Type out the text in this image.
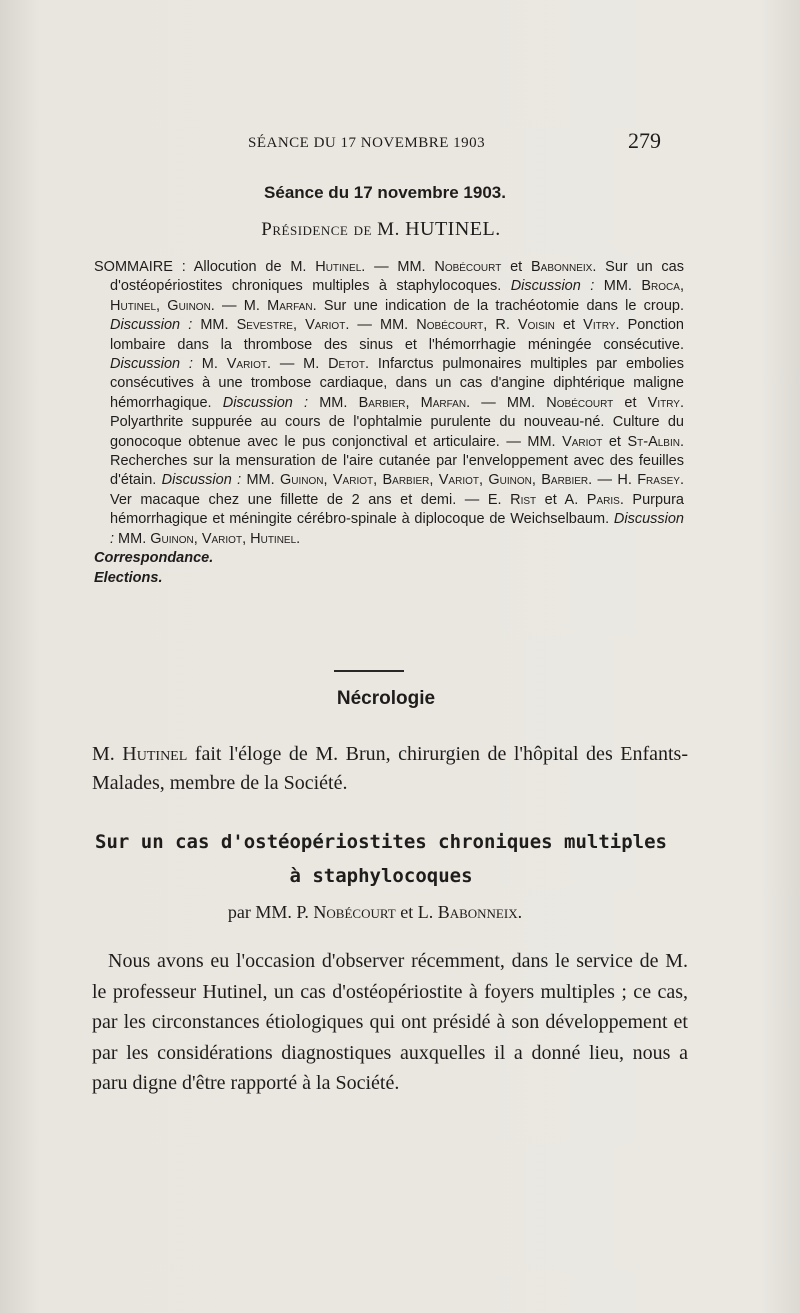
SÉANCE DU 17 NOVEMBRE 1903	279
Séance du 17 novembre 1903.
Présidence de M. HUTINEL.

SOMMAIRE : Allocution de M. Hutinel. — MM. Nobécourt et Babonneix. Sur un cas d'ostéopériostites chroniques multiples à staphylocoques. Discussion : MM. Broca, Hutinel, Guinon. — M. Marfan. Sur une indication de la trachéotomie dans le croup. Discussion : MM. Sevestre, Variot. — MM. Nobécourt, R. Voisin et Vitry. Ponction lombaire dans la thrombose des sinus et l'hémorrhagie méningée consécutive. Discussion : M. Variot. — M. Detot. Infarctus pulmonaires multiples par embolies consécutives à une trombose cardiaque, dans un cas d'angine diphtérique maligne hémorrhagique. Discussion : MM. Barbier, Marfan. — MM. Nobécourt et Vitry. Polyarthrite suppurée au cours de l'ophtalmie purulente du nouveau-né. Culture du gonocoque obtenue avec le pus conjonctival et articulaire. — MM. Variot et St-Albin. Recherches sur la mensuration de l'aire cutanée par l'enveloppement avec des feuilles d'étain. Discussion : MM. Guinon, Variot, Barbier, Variot, Guinon, Barbier. — H. Frasey. Ver macaque chez une fillette de 2 ans et demi. — E. Rist et A. Paris. Purpura hémorrhagique et méningite cérébro-spinale à diplocoque de Weichselbaum. Discussion : MM. Guinon, Variot, Hutinel.

Correspondance.

Elections.

Nécrologie
M. Hutinel fait l'éloge de M. Brun, chirurgien de l'hôpital des Enfants-Malades, membre de la Société.
Sur un cas d'ostéopériostites chroniques multiples
à staphylocoques
par MM. P. Nobécourt et L. Babonneix.
Nous avons eu l'occasion d'observer récemment, dans le service de M. le professeur Hutinel, un cas d'ostéopériostite à foyers multiples ; ce cas, par les circonstances étiologiques qui ont présidé à son développement et par les considérations diagnostiques auxquelles il a donné lieu, nous a paru digne d'être rapporté à la Société.
